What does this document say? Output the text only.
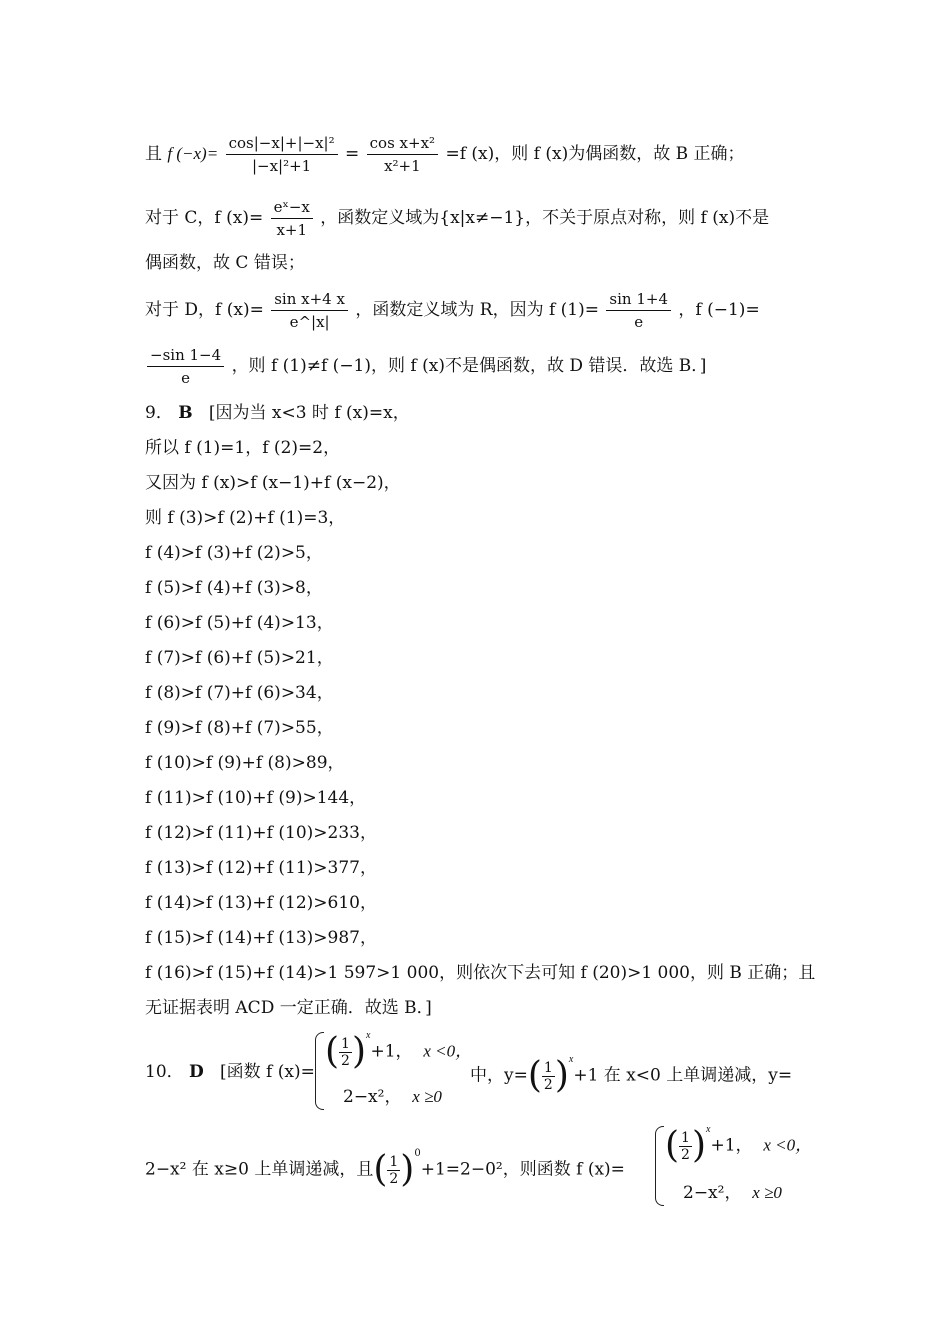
且 f $(-x)= \frac{\text{cos|−x|+|−x|²}}{\text{|−x|²+1}} = \frac{\text{cos x+x²}}{\text{x²+1}} =f$ (x)，则 f (x)为偶函数，故 B 正确；
对于 C，f $(x)= \frac{\text{eˣ−x}}{x+1}$ ，函数定义域为{x|x≠−1}，不关于原点对称，则 f (x)不是
偶函数，故 C 错误；
对于 D，f $(x)= \frac{\text{sin x+4 x}}{e\^{}|x|}$ ，函数定义域为 R，因为 f $(1)= \frac{\sin 1+4}{e}$ ，f (−1)=
$\frac{-\sin 1-4}{e}$ ，则 f (1)≠f (−1)，则 f (x)不是偶函数，故 D 错误．故选 B．]
9． B [因为当 x<3 时 f (x)=x，
所以 f (1)=1，f (2)=2，
又因为 f (x)>f (x−1)+f (x−2)，
则 f (3)>f (2)+f (1)=3，
f (4)>f (3)+f (2)>5，
f (5)>f (4)+f (3)>8，
f (6)>f (5)+f (4)>13，
f (7)>f (6)+f (5)>21，
f (8)>f (7)+f (6)>34，
f (9)>f (8)+f (7)>55，
f (10)>f (9)+f (8)>89，
f (11)>f (10)+f (9)>144，
f (12)>f (11)+f (10)>233，
f (13)>f (12)+f (11)>377，
f (14)>f (13)+f (12)>610，
f (15)>f (14)+f (13)>987，
f (16)>f (15)+f (14)>1 597>1 000，则依次下去可知 f (20)>1 000，则 B 正确；且
无证据表明 ACD 一定正确．故选 B．]
10． D [函数 f (x)= ( $\frac{1}{2} )^x+1$， x <0，
2−x²， x ≥0
中，$y=( \frac{1}{2} )^x+1$ 在 x<0 上单调递减，y=
2−x² 在 x≥0 上单调递减，且( $\frac{1}{2} )^0+1=2-0^2$，则函数 f (x)=
( $\frac{1}{2} )^x+1$， x <0，
2−x²， x ≥0
